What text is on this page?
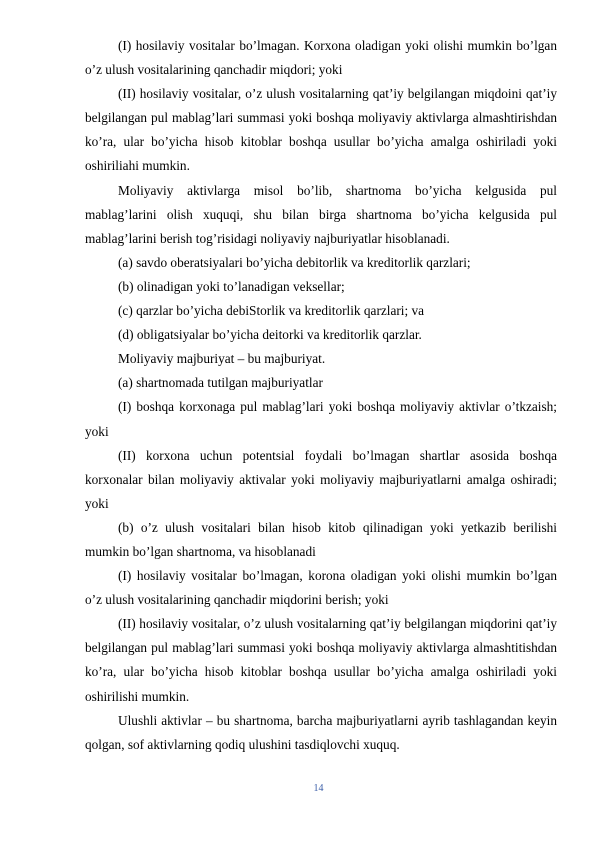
(I) hosilaviy vositalar bo’lmagan. Korxona oladigan yoki olishi mumkin bo’lgan o’z ulush vositalarining qanchadir miqdori; yoki

(II) hosilaviy vositalar, o’z ulush vositalarning qat’iy belgilangan miqdoini qat’iy belgilangan pul mablag’lari summasi yoki boshqa moliyaviy aktivlarga almashtirishdan ko’ra, ular bo’yicha hisob kitoblar boshqa usullar bo’yicha amalga oshiriladi yoki oshiriliahi mumkin.

Moliyaviy aktivlarga misol bo’lib, shartnoma bo’yicha kelgusida pul mablag’larini olish xuquqi, shu bilan birga shartnoma bo’yicha kelgusida pul mablag’larini berish tog’risidagi noliyaviy najburiyatlar hisoblanadi.

(a) savdo oberatsiyalari bo’yicha debitorlik va kreditorlik qarzlari;

(b) olinadigan yoki to’lanadigan veksellar;

(c) qarzlar bo’yicha debiStorlik va kreditorlik qarzlari; va

(d) obligatsiyalar bo’yicha deitorki va kreditorlik qarzlar.

Moliyaviy majburiyat – bu majburiyat.

(a) shartnomada tutilgan majburiyatlar

(I) boshqa korxonaga pul mablag’lari yoki boshqa moliyaviy aktivlar o’tkzaish; yoki

(II) korxona uchun potentsial foydali bo’lmagan shartlar asosida boshqa korxonalar bilan moliyaviy aktivalar yoki moliyaviy majburiyatlarni amalga oshiradi; yoki

(b) o’z ulush vositalari bilan hisob kitob qilinadigan yoki yetkazib berilishi mumkin bo’lgan shartnoma, va hisoblanadi

(I) hosilaviy vositalar bo’lmagan, korona oladigan yoki olishi mumkin bo’lgan o’z ulush vositalarining qanchadir miqdorini berish; yoki

(II) hosilaviy vositalar, o’z ulush vositalarning qat’iy belgilangan miqdorini qat’iy belgilangan pul mablag’lari summasi yoki boshqa moliyaviy aktivlarga almashtitishdan ko’ra, ular bo’yicha hisob kitoblar boshqa usullar bo’yicha amalga oshiriladi yoki oshirilishi mumkin.

Ulushli aktivlar – bu shartnoma, barcha majburiyatlarni ayrib tashlagandan keyin qolgan, sof aktivlarning qodiq ulushini tasdiqlovchi xuquq.

14
